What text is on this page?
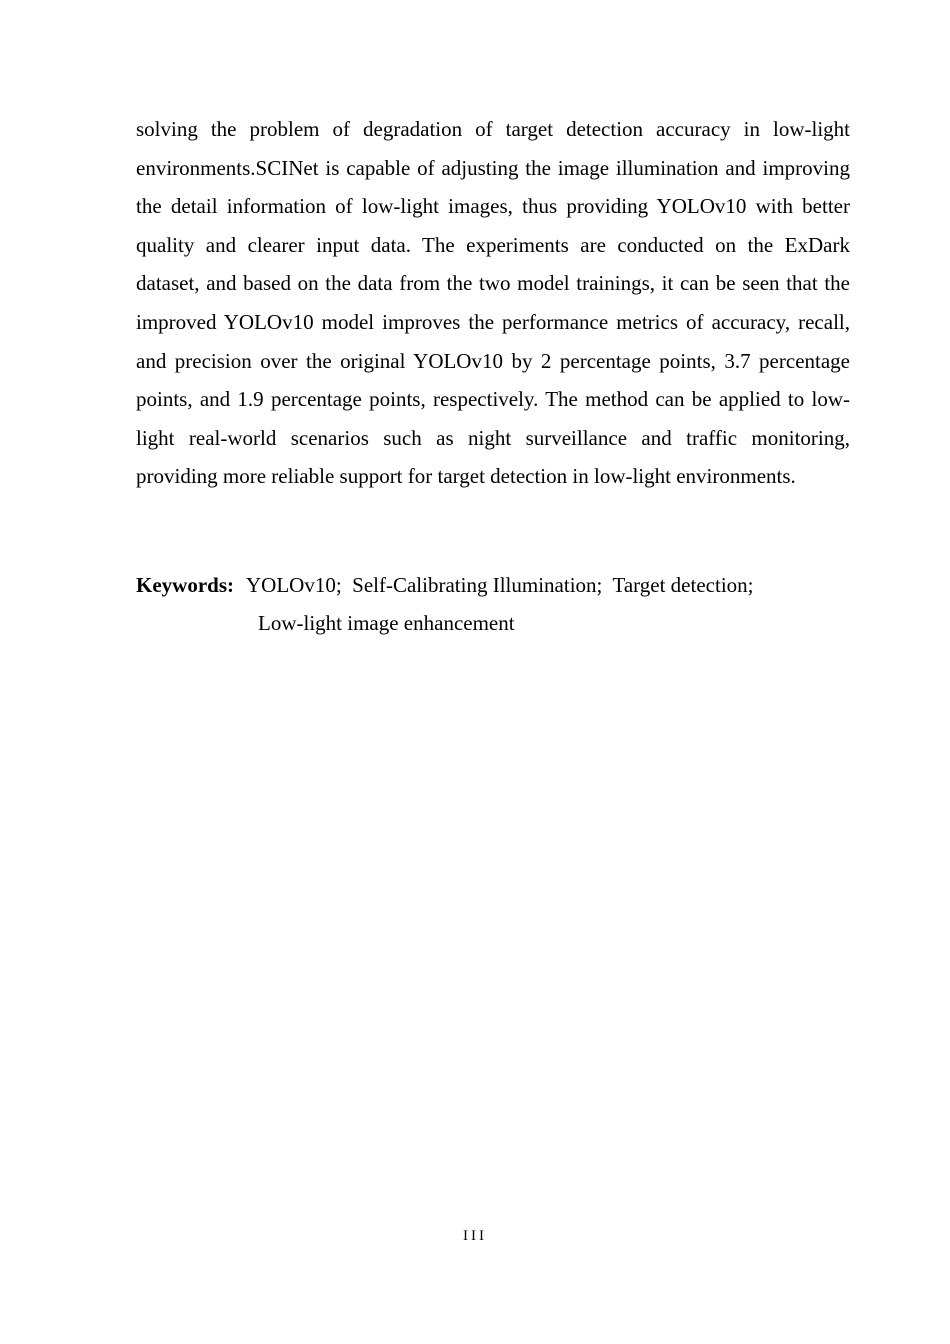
solving the problem of degradation of target detection accuracy in low-light environments.SCINet is capable of adjusting the image illumination and improving the detail information of low-light images, thus providing YOLOv10 with better quality and clearer input data. The experiments are conducted on the ExDark dataset, and based on the data from the two model trainings, it can be seen that the improved YOLOv10 model improves the performance metrics of accuracy, recall, and precision over the original YOLOv10 by 2 percentage points, 3.7 percentage points, and 1.9 percentage points, respectively. The method can be applied to low-light real-world scenarios such as night surveillance and traffic monitoring, providing more reliable support for target detection in low-light environments.

Keywords: YOLOv10;  Self-Calibrating Illumination;  Target detection;
Low-light image enhancement
III
